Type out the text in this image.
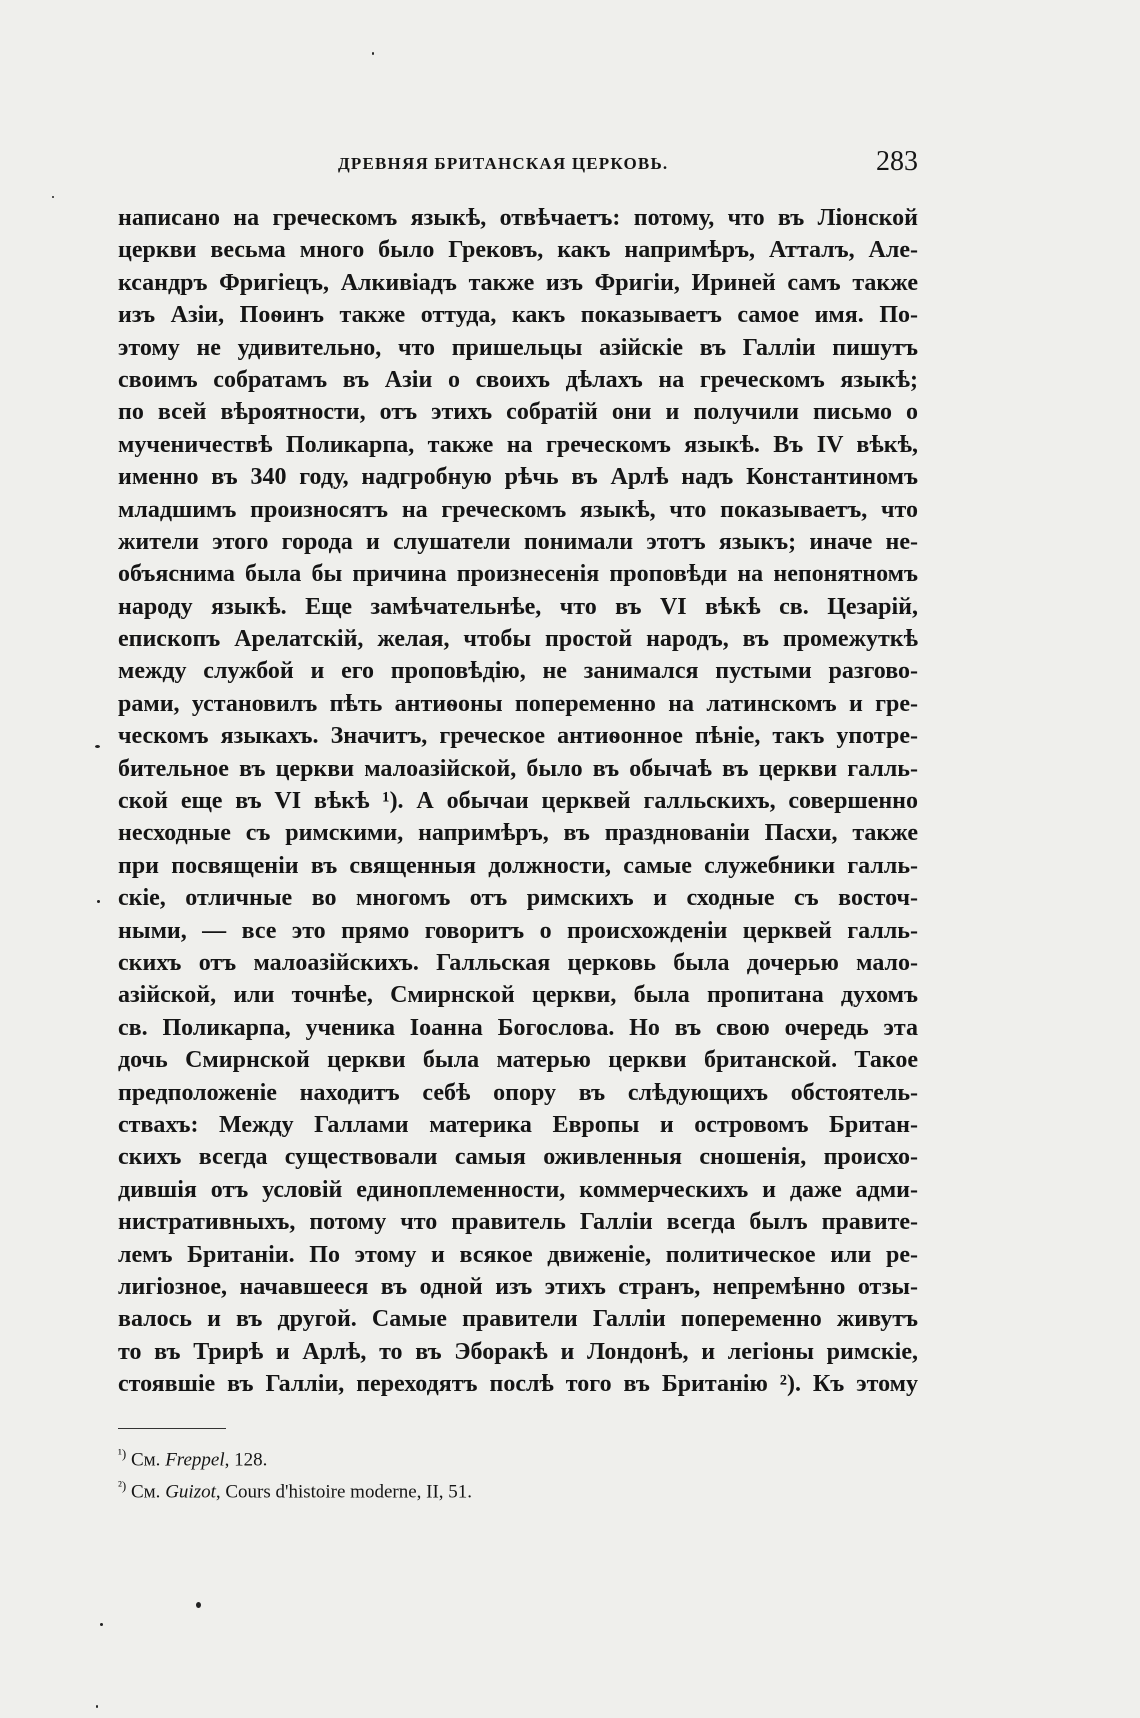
ДРЕВНЯЯ БРИТАНСКАЯ ЦЕРКОВЬ.	283
написано на греческомъ языкѣ, отвѣчаетъ: потому, что въ Ліонской
церкви весьма много было Грековъ, какъ напримѣръ, Атталъ, Але-
ксандръ Фригіецъ, Алкивіадъ также изъ Фригіи, Ириней самъ также
изъ Азіи, Поѳинъ также оттуда, какъ показываетъ самое имя. По-
этому не удивительно, что пришельцы азійскіе въ Галліи пишутъ
своимъ собратамъ въ Азіи о своихъ дѣлахъ на греческомъ языкѣ;
по всей вѣроятности, отъ этихъ собратій они и получили письмо о
мученичествѣ Поликарпа, также на греческомъ языкѣ. Въ IV вѣкѣ,
именно въ 340 году, надгробную рѣчь въ Арлѣ надъ Константиномъ
младшимъ произносятъ на греческомъ языкѣ, что показываетъ, что
жители этого города и слушатели понимали этотъ языкъ; иначе не-
объяснима была бы причина произнесенія проповѣди на непонятномъ
народу языкѣ. Еще замѣчательнѣе, что въ VI вѣкѣ св. Цезарій,
епископъ Арелатскій, желая, чтобы простой народъ, въ промежуткѣ
между службой и его проповѣдію, не занимался пустыми разгово-
рами, установилъ пѣть антиѳоны попеременно на латинскомъ и гре-
ческомъ языкахъ. Значитъ, греческое антиѳонное пѣніе, такъ употре-
бительное въ церкви малоазійской, было въ обычаѣ въ церкви галль-
ской еще въ VI вѣкѣ ¹). А обычаи церквей галльскихъ, совершенно
несходные съ римскими, напримѣръ, въ празднованіи Пасхи, также
при посвященіи въ священныя должности, самые служебники галль-
скіе, отличные во многомъ отъ римскихъ и сходные съ восточ-
ными, — все это прямо говоритъ о происхожденіи церквей галль-
скихъ отъ малоазійскихъ. Галльская церковь была дочерью мало-
азійской, или точнѣе, Смирнской церкви, была пропитана духомъ
св. Поликарпа, ученика Іоанна Богослова. Но въ свою очередь эта
дочь Смирнской церкви была матерью церкви британской. Такое
предположеніе находитъ себѣ опору въ слѣдующихъ обстоятель-
ствахъ: Между Галлами материка Европы и островомъ Британ-
скихъ всегда существовали самыя оживленныя сношенія, происхо-
дившія отъ условій единоплеменности, коммерческихъ и даже адми-
нистративныхъ, потому что правитель Галліи всегда былъ правите-
лемъ Британіи. По этому и всякое движеніе, политическое или ре-
лигіозное, начавшееся въ одной изъ этихъ странъ, непремѣнно отзы-
валось и въ другой. Самые правители Галліи попеременно живутъ
то въ Трирѣ и Арлѣ, то въ Эборакѣ и Лондонѣ, и легіоны римскіе,
стоявшіе въ Галліи, переходятъ послѣ того въ Британію ²). Къ этому
$^{^1)}$ См. Freppel, 128.
$^{^2)}$ См. Guizot, Cours d'histoire moderne, II, 51.
